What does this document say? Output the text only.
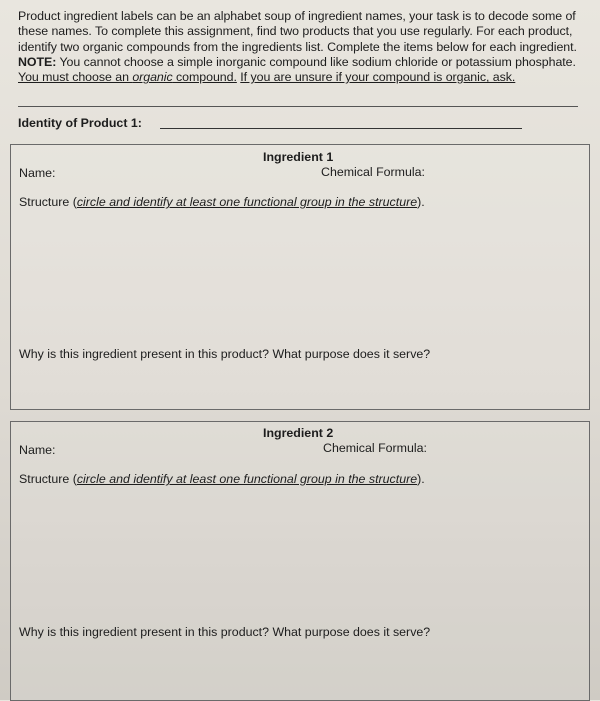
Product ingredient labels can be an alphabet soup of ingredient names, your task is to decode some of these names. To complete this assignment, find two products that you use regularly. For each product, identify two organic compounds from the ingredients list. Complete the items below for each ingredient. NOTE: You cannot choose a simple inorganic compound like sodium chloride or potassium phosphate. You must choose an organic compound. If you are unsure if your compound is organic, ask.
Identity of Product 1:
Ingredient 1
Name:	Chemical Formula:
Structure (circle and identify at least one functional group in the structure).
Why is this ingredient present in this product? What purpose does it serve?
Ingredient 2
Name:	Chemical Formula:
Structure (circle and identify at least one functional group in the structure).
Why is this ingredient present in this product? What purpose does it serve?
